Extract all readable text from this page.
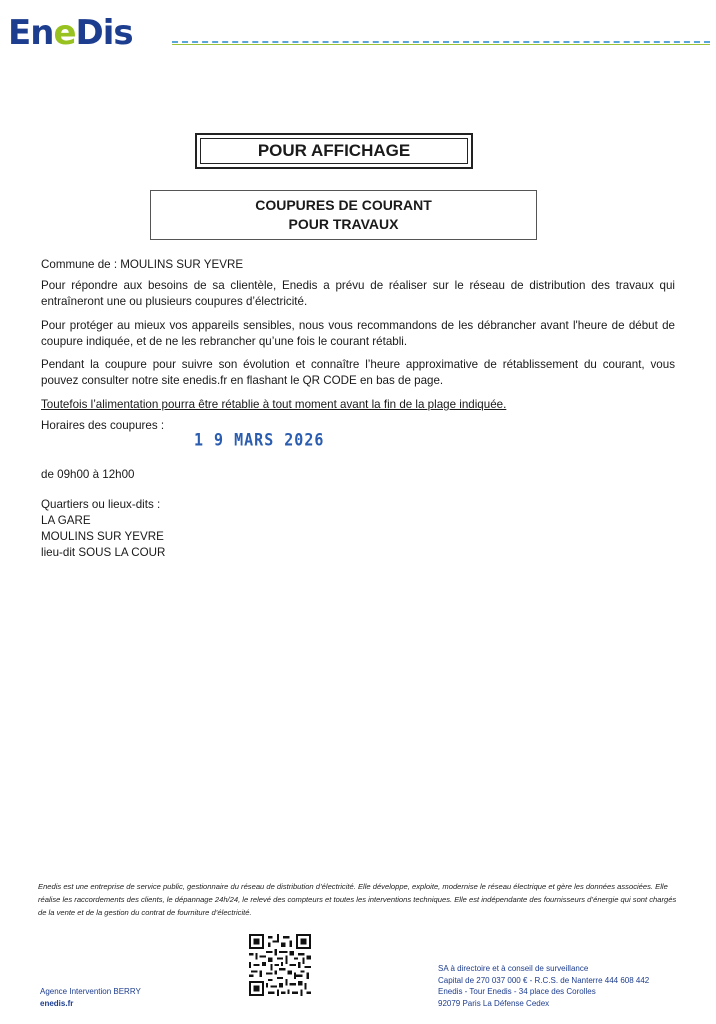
EneDis
POUR AFFICHAGE
COUPURES DE COURANT
POUR TRAVAUX
Commune de : MOULINS SUR YEVRE
Pour répondre aux besoins de sa clientèle, Enedis a prévu de réaliser sur le réseau de distribution des travaux qui entraîneront une ou plusieurs coupures d’électricité.
Pour protéger au mieux vos appareils sensibles, nous vous recommandons de les débrancher avant l'heure de début de coupure indiquée, et de ne les rebrancher qu’une fois le courant rétabli.
Pendant la coupure pour suivre son évolution et connaître l’heure approximative de rétablissement du courant, vous pouvez consulter notre site enedis.fr en flashant le QR CODE en bas de page.
Toutefois l’alimentation pourra être rétablie à tout moment avant la fin de la plage indiquée.
Horaires des coupures :
1 9 MARS 2026
de 09h00 à 12h00
Quartiers ou lieux-dits :
LA GARE
MOULINS SUR YEVRE
lieu-dit SOUS LA COUR
Enedis est une entreprise de service public, gestionnaire du réseau de distribution d’électricité. Elle développe, exploite, modernise le réseau électrique et gère les données associées. Elle réalise les raccordements des clients, le dépannage 24h/24, le relevé des compteurs et toutes les interventions techniques. Elle est indépendante des fournisseurs d’énergie qui sont chargés de la vente et de la gestion du contrat de fourniture d’électricité.
Agence Intervention BERRY
enedis.fr
SA à directoire et à conseil de surveillance
Capital de 270 037 000 € - R.C.S. de Nanterre 444 608 442
Enedis - Tour Enedis - 34 place des Corolles
92079 Paris La Défense Cedex
